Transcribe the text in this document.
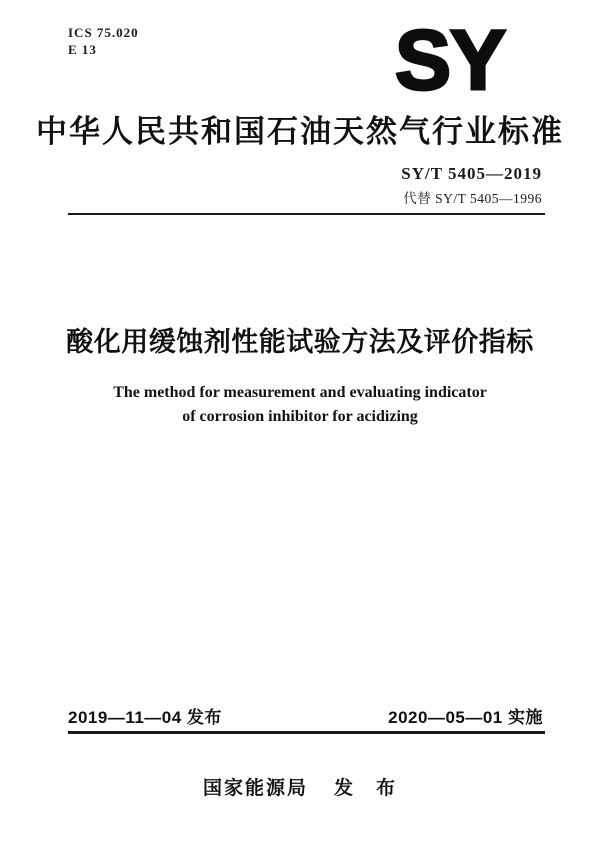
ICS 75.020
E 13	SY
中华人民共和国石油天然气行业标准
SY/T 5405—2019
代替 SY/T 5405—1996
酸化用缓蚀剂性能试验方法及评价指标
The method for measurement and evaluating indicator
of corrosion inhibitor for acidizing
2019—11—04 发布	2020—05—01 实施
国家能源局 发　布
